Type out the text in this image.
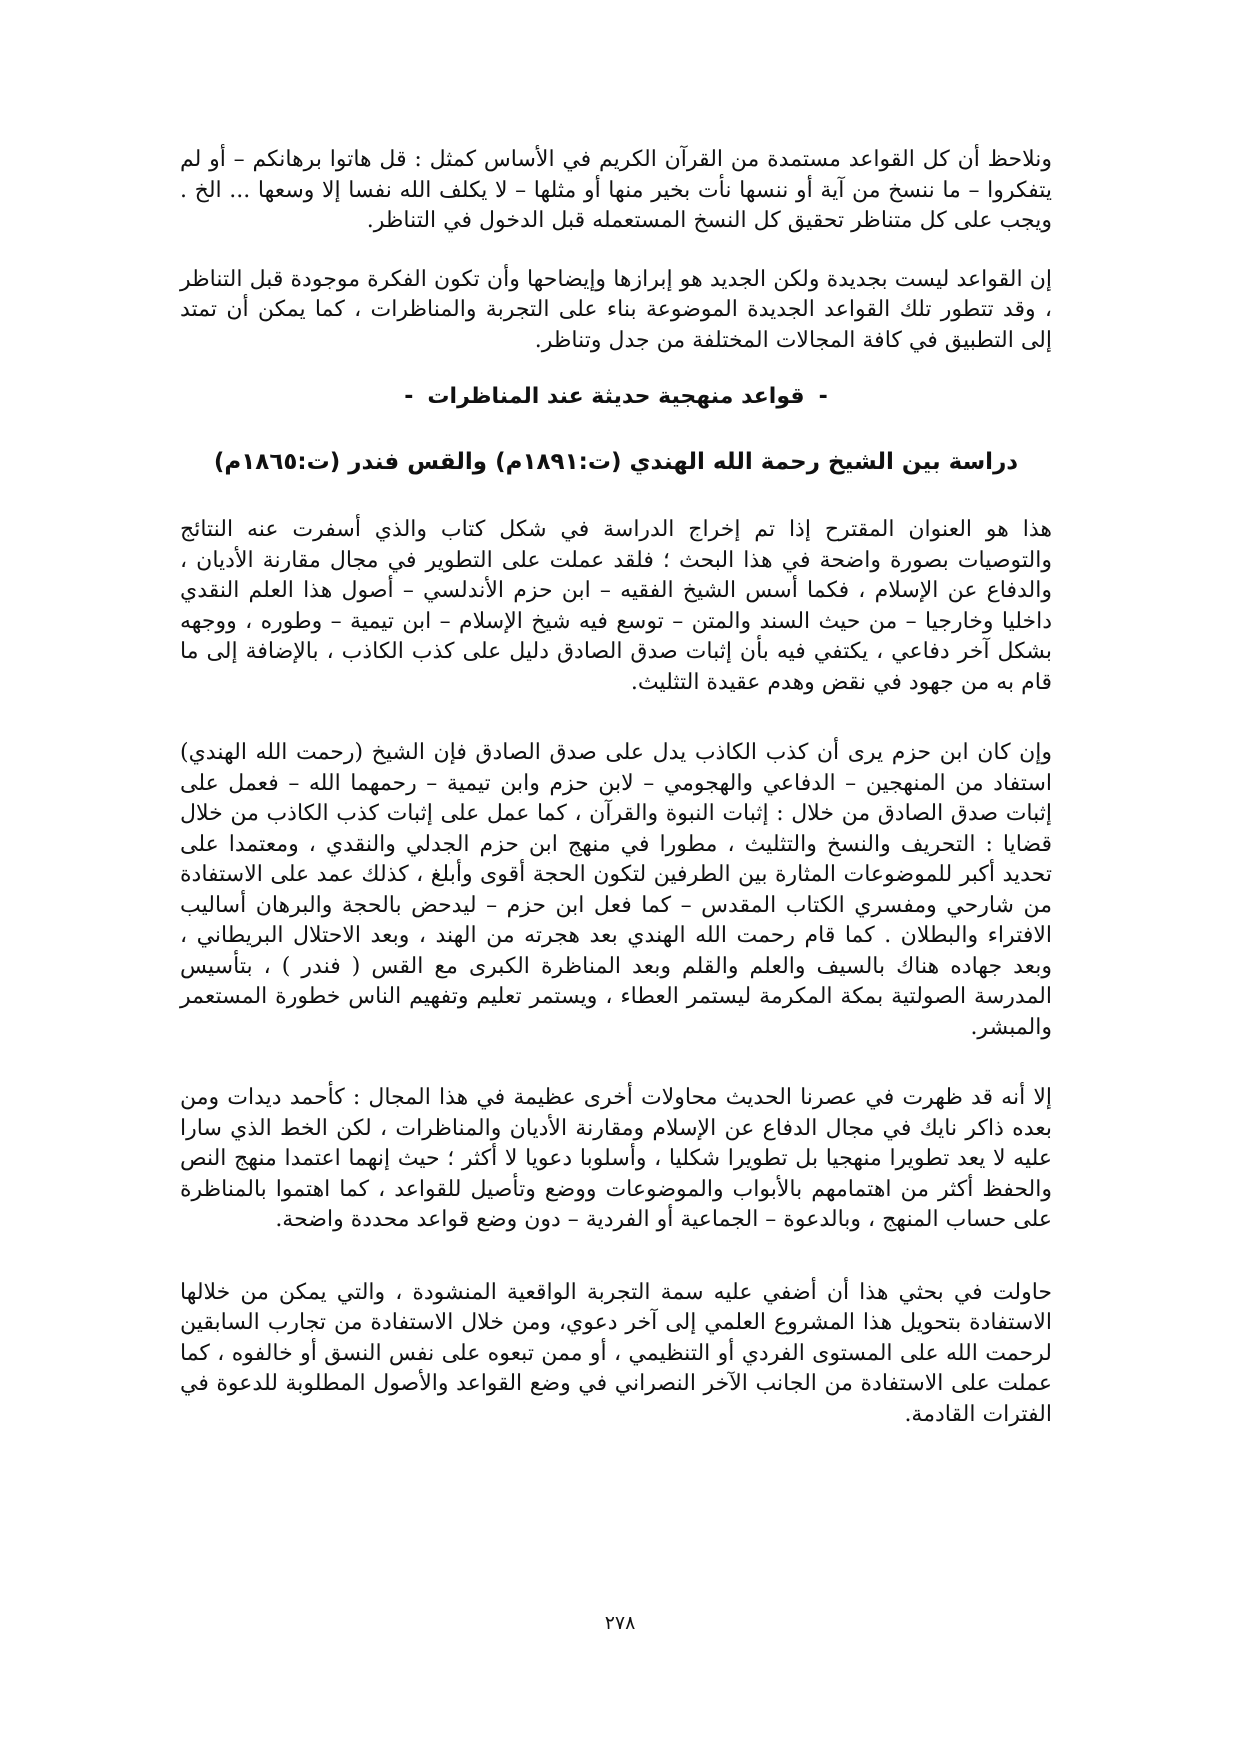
ونلاحظ أن كل القواعد مستمدة من القرآن الكريم في الأساس كمثل : قل هاتوا برهانكم – أو لم يتفكروا – ما ننسخ من آية أو ننسها نأت بخير منها أو مثلها – لا يكلف الله نفسا إلا وسعها ... الخ . ويجب على كل متناظر تحقيق كل النسخ المستعمله قبل الدخول في التناظر.

إن القواعد ليست بجديدة ولكن الجديد هو إبرازها وإيضاحها وأن تكون الفكرة موجودة قبل التناظر ، وقد تتطور تلك القواعد الجديدة الموضوعة بناء على التجربة والمناظرات ، كما يمكن أن تمتد إلى التطبيق في كافة المجالات المختلفة من جدل وتناظر.

-قواعد منهجية حديثة عند المناظرات-
دراسة بين الشيخ رحمة الله الهندي (ت:١٨٩١م) والقس فندر (ت:١٨٦٥م)

هذا هو العنوان المقترح إذا تم إخراج الدراسة في شكل كتاب والذي أسفرت عنه النتائج والتوصيات بصورة واضحة في هذا البحث ؛ فلقد عملت على التطوير في مجال مقارنة الأديان ، والدفاع عن الإسلام ، فكما أسس الشيخ الفقيه – ابن حزم الأندلسي – أصول هذا العلم النقدي داخليا وخارجيا – من حيث السند والمتن – توسع فيه شيخ الإسلام – ابن تيمية – وطوره ، ووجهه بشكل آخر دفاعي ، يكتفي فيه بأن إثبات صدق الصادق دليل على كذب الكاذب ، بالإضافة إلى ما قام به من جهود في نقض وهدم عقيدة التثليث.

وإن كان ابن حزم يرى أن كذب الكاذب يدل على صدق الصادق فإن الشيخ (رحمت الله الهندي) استفاد من المنهجين – الدفاعي والهجومي – لابن حزم وابن تيمية – رحمهما الله – فعمل على إثبات صدق الصادق من خلال : إثبات النبوة والقرآن ، كما عمل على إثبات كذب الكاذب من خلال قضايا : التحريف والنسخ والتثليث ، مطورا في منهج ابن حزم الجدلي والنقدي ، ومعتمدا على تحديد أكبر للموضوعات المثارة بين الطرفين لتكون الحجة أقوى وأبلغ ، كذلك عمد على الاستفادة من شارحي ومفسري الكتاب المقدس – كما فعل ابن حزم – ليدحض بالحجة والبرهان أساليب الافتراء والبطلان . كما قام رحمت الله الهندي بعد هجرته من الهند ، وبعد الاحتلال البريطاني ، وبعد جهاده هناك بالسيف والعلم والقلم وبعد المناظرة الكبرى مع القس ( فندر ) ، بتأسيس المدرسة الصولتية بمكة المكرمة ليستمر العطاء ، ويستمر تعليم وتفهيم الناس خطورة المستعمر والمبشر.

إلا أنه قد ظهرت في عصرنا الحديث محاولات أخرى عظيمة في هذا المجال : كأحمد ديدات ومن بعده ذاكر نايك في مجال الدفاع عن الإسلام ومقارنة الأديان والمناظرات ، لكن الخط الذي سارا عليه لا يعد تطويرا منهجيا بل تطويرا شكليا ، وأسلوبا دعويا لا أكثر ؛ حيث إنهما اعتمدا منهج النص والحفظ أكثر من اهتمامهم بالأبواب والموضوعات ووضع وتأصيل للقواعد ، كما اهتموا بالمناظرة على حساب المنهج ، وبالدعوة – الجماعية أو الفردية – دون وضع قواعد محددة واضحة.

حاولت في بحثي هذا أن أضفي عليه سمة التجربة الواقعية المنشودة ، والتي يمكن من خلالها الاستفادة بتحويل هذا المشروع العلمي إلى آخر دعوي، ومن خلال الاستفادة من تجارب السابقين لرحمت الله على المستوى الفردي أو التنظيمي ، أو ممن تبعوه على نفس النسق أو خالفوه ، كما عملت على الاستفادة من الجانب الآخر النصراني في وضع القواعد والأصول المطلوبة للدعوة في الفترات القادمة.

٢٧٨
